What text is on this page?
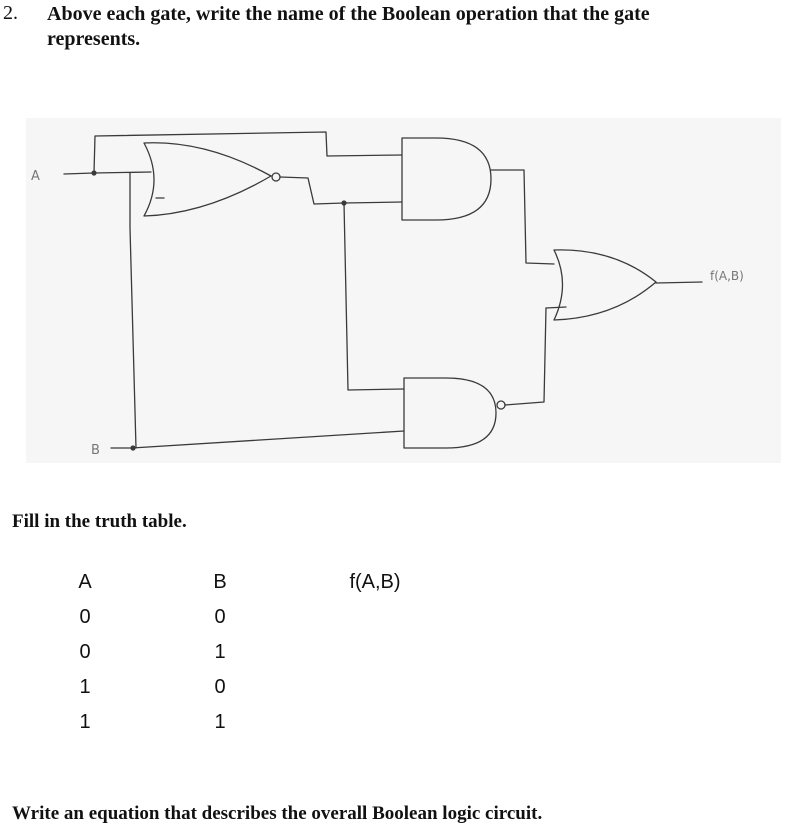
2. Above each gate, write the name of the Boolean operation that the gate represents.
A
B
f(A,B)
Fill in the truth table.
A	B	f(A,B)
0	0	
0	1	
1	0	
1	1	
Write an equation that describes the overall Boolean logic circuit.
